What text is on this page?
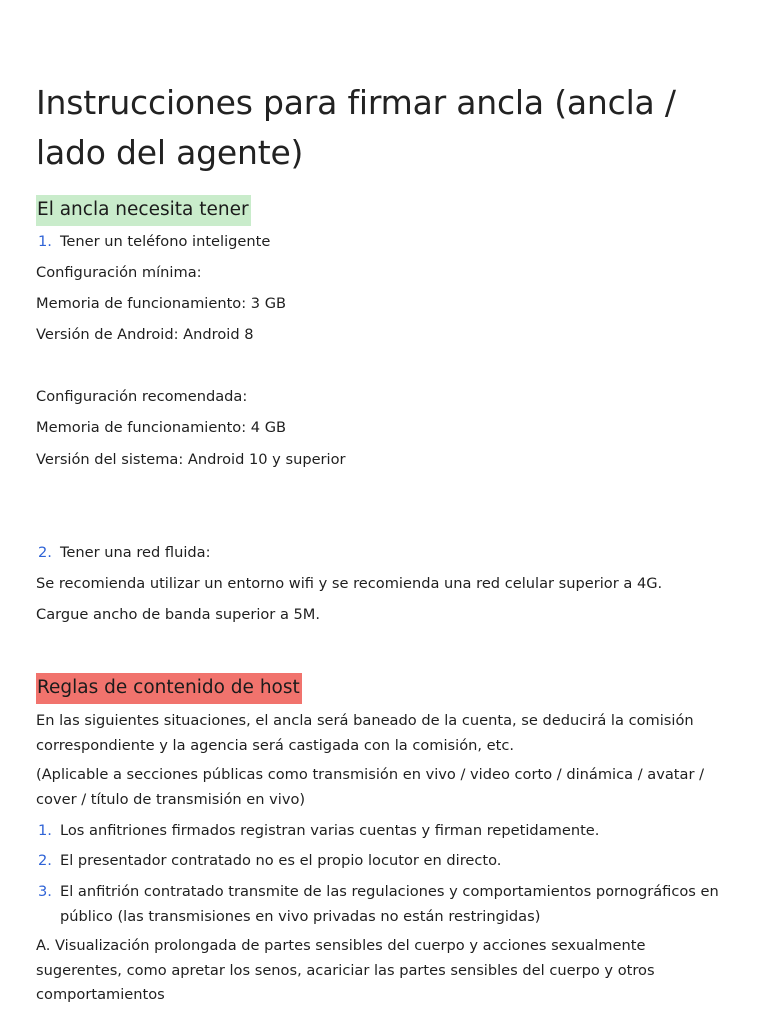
Instrucciones para firmar ancla (ancla / lado del agente)
El ancla necesita tener
1. Tener un teléfono inteligente

Configuración mínima:

Memoria de funcionamiento: 3 GB

Versión de Android: Android 8

Configuración recomendada:

Memoria de funcionamiento: 4 GB

Versión del sistema: Android 10 y superior

2. Tener una red fluida:

Se recomienda utilizar un entorno wifi y se recomienda una red celular superior a 4G.

Cargue ancho de banda superior a 5M.

Reglas de contenido de host

En las siguientes situaciones, el ancla será baneado de la cuenta, se deducirá la comisión correspondiente y la agencia será castigada con la comisión, etc.

(Aplicable a secciones públicas como transmisión en vivo / video corto / dinámica / avatar / cover / título de transmisión en vivo)

1. Los anfitriones firmados registran varias cuentas y firman repetidamente.
2. El presentador contratado no es el propio locutor en directo.
3. El anfitrión contratado transmite de las regulaciones y comportamientos pornográficos en público (las transmisiones en vivo privadas no están restringidas)

A. Visualización prolongada de partes sensibles del cuerpo y acciones sexualmente sugerentes, como apretar los senos, acariciar las partes sensibles del cuerpo y otros comportamientos
